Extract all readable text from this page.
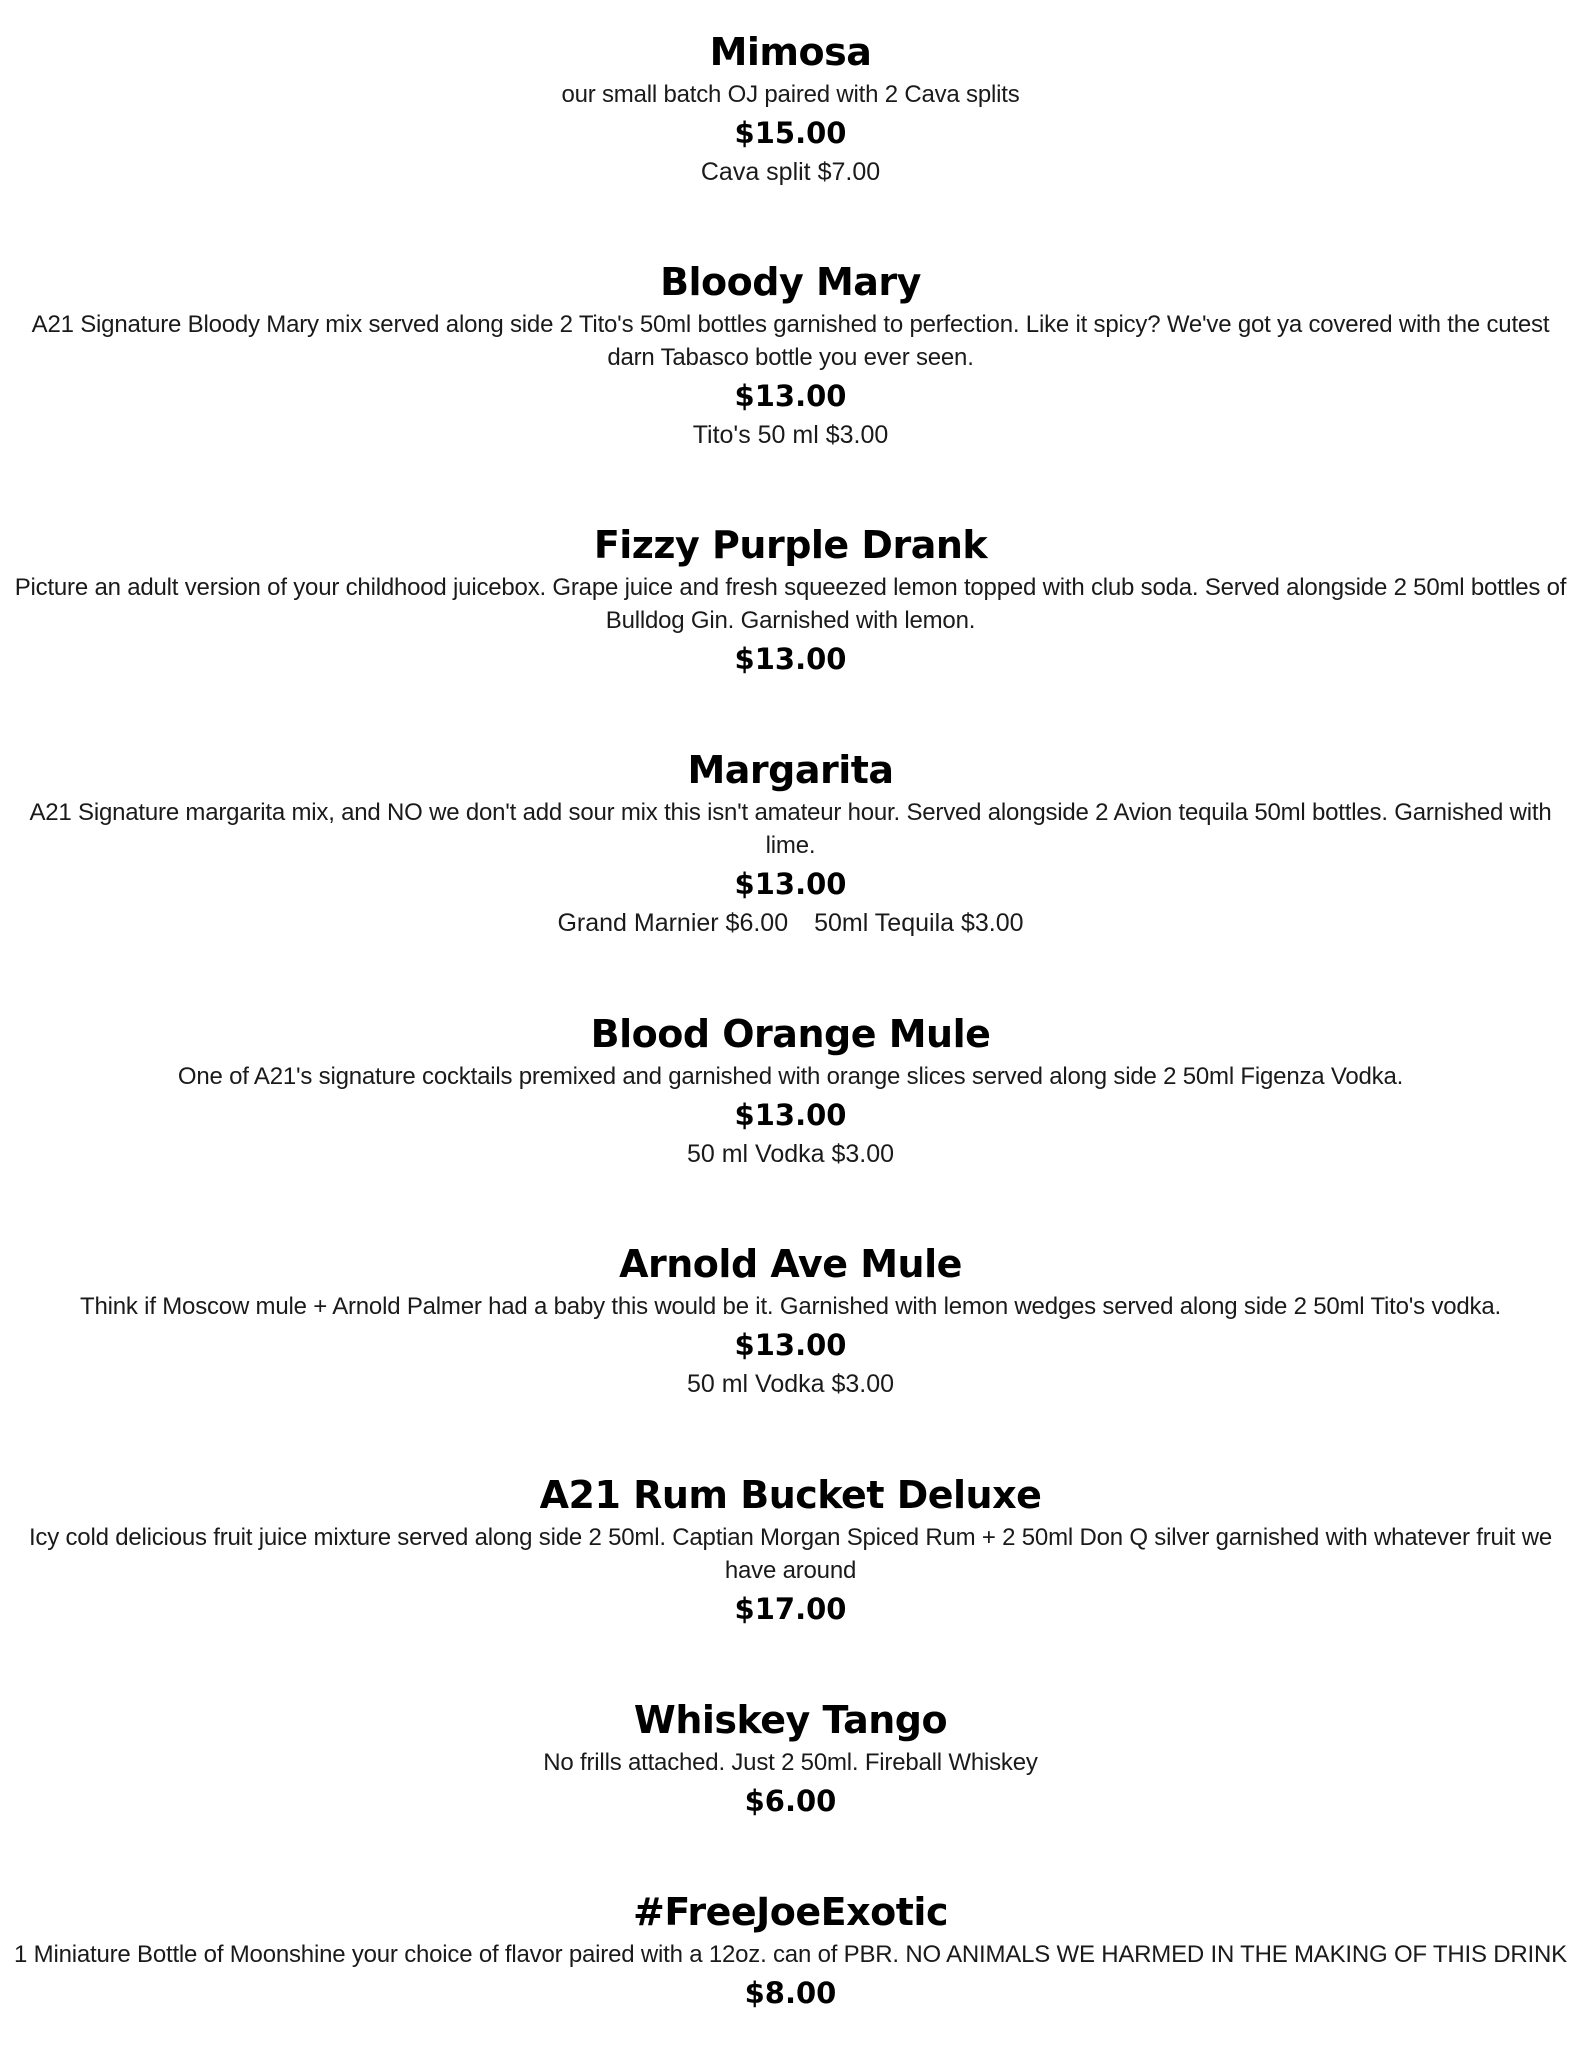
Mimosa
our small batch OJ paired with 2 Cava splits
$15.00
Cava split $7.00
Bloody Mary
A21 Signature Bloody Mary mix served along side 2 Tito's 50ml bottles garnished to perfection. Like it spicy? We've got ya covered with the cutest darn Tabasco bottle you ever seen.
$13.00
Tito's 50 ml $3.00
Fizzy Purple Drank
Picture an adult version of your childhood juicebox. Grape juice and fresh squeezed lemon topped with club soda. Served alongside 2 50ml bottles of Bulldog Gin. Garnished with lemon.
$13.00
Margarita
A21 Signature margarita mix, and NO we don't add sour mix this isn't amateur hour. Served alongside 2 Avion tequila 50ml bottles. Garnished with lime.
$13.00
Grand Marnier $6.00 50ml Tequila $3.00
Blood Orange Mule
One of A21's signature cocktails premixed and garnished with orange slices served along side 2 50ml Figenza Vodka.
$13.00
50 ml Vodka $3.00
Arnold Ave Mule
Think if Moscow mule + Arnold Palmer had a baby this would be it. Garnished with lemon wedges served along side 2 50ml Tito's vodka.
$13.00
50 ml Vodka $3.00
A21 Rum Bucket Deluxe
Icy cold delicious fruit juice mixture served along side 2 50ml. Captian Morgan Spiced Rum + 2 50ml Don Q silver garnished with whatever fruit we have around
$17.00
Whiskey Tango
No frills attached. Just 2 50ml. Fireball Whiskey
$6.00
#FreeJoeExotic
1 Miniature Bottle of Moonshine your choice of flavor paired with a 12oz. can of PBR. NO ANIMALS WE HARMED IN THE MAKING OF THIS DRINK
$8.00
